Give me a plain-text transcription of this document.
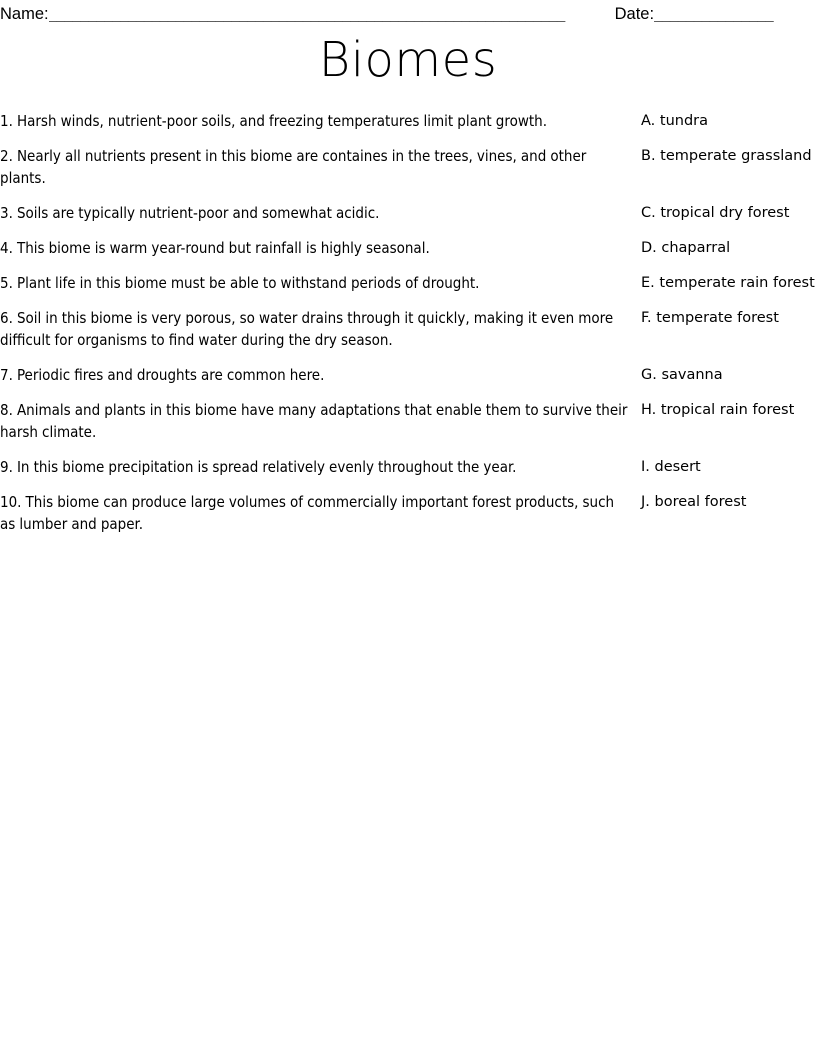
Name: _________________________________________________________________	Date: _______________
Biomes
1. Harsh winds, nutrient-poor soils, and freezing temperatures limit plant growth.	A. tundra
2. Nearly all nutrients present in this biome are containes in the trees, vines, and other plants.
B. temperate grassland
3. Soils are typically nutrient-poor and somewhat acidic.	C. tropical dry forest
4. This biome is warm year-round but rainfall is highly seasonal.	D. chaparral
5. Plant life in this biome must be able to withstand periods of drought.	E. temperate rain forest
6. Soil in this biome is very porous, so water drains through it quickly, making it even more difficult for organisms to find water during the dry season.
F. temperate forest
7. Periodic fires and droughts are common here.	G. savanna
8. Animals and plants in this biome have many adaptations that enable them to survive their harsh climate.
H. tropical rain forest
9. In this biome precipitation is spread relatively evenly throughout the year.	I. desert
10. This biome can produce large volumes of commercially important forest products, such as lumber and paper.
J. boreal forest
